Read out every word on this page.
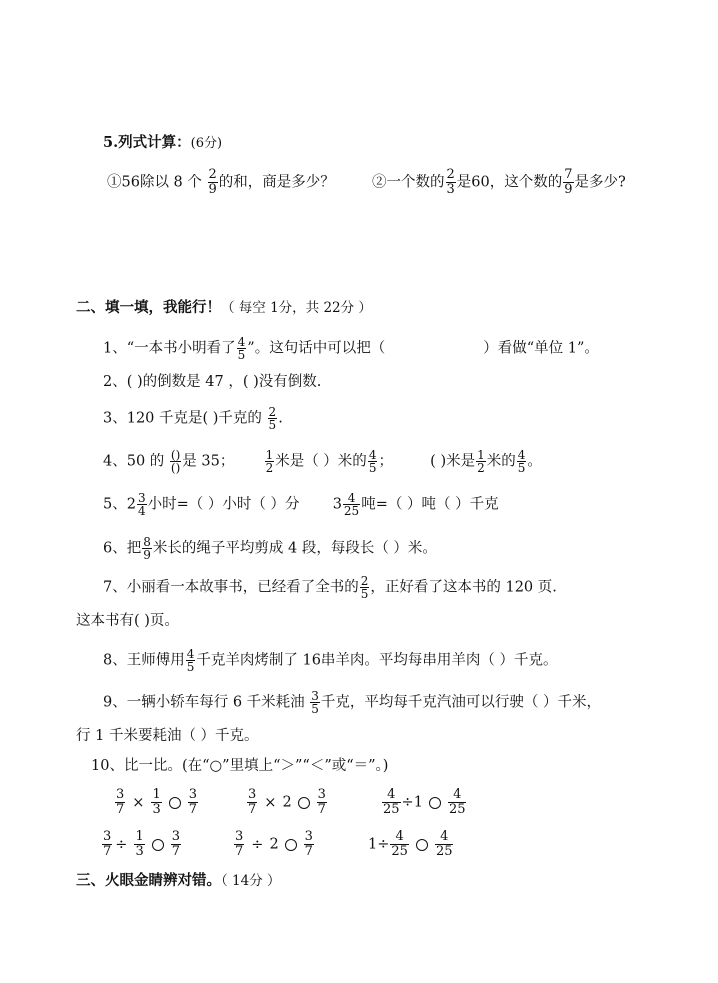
5.列式计算：(6分)
①56除以 8 个 $\frac{2}{9}$ 的和，商是多少？	②一个数的 $\frac{2}{3}$ 是60，这个数的 $\frac{7}{9}$ 是多少?
二、填一填，我能行！（ 每空 1分，共 22分 ）
1、“一本书小明看了 $\frac{4}{5}$ ”。这句话中可以把（	）看做“单位 1”。
2、( )的倒数是 47 ，( )没有倒数.
3、120 千克是( )千克的 $\frac{2}{5}$ .
4、50 的 $\frac{()}{()}$ 是 35；	$\frac{1}{2}$ 米是（ ）米的 $\frac{4}{5}$ ；	( )米是 $\frac{1}{2}$ 米的 $\frac{4}{5}$ 。
5、$2 \frac{3}{4}$ 小时=（ ）小时（ ）分 $3 \frac{4}{25}$ 吨=（ ）吨（ ）千克
6、把 $\frac{8}{9}$ 米长的绳子平均剪成 4 段，每段长（ ）米。
7、小丽看一本故事书，已经看了全书的 $\frac{2}{5}$ ，正好看了这本书的 120 页.
这本书有( )页。
8、王师傅用 $\frac{4}{5}$ 千克羊肉烤制了 16串羊肉。平均每串用羊肉（ ）千克。
9、一辆小轿车每行 6 千米耗油 $\frac{3}{5}$ 千克，平均每千克汽油可以行驶（ ）千米，
行 1 千米要耗油（ ）千克。
10、比一比。(在“○”里填上“＞”“＜”或“＝”。)
$\frac{3}{7} \times \frac{1}{3} \frac{3}{7}$	$\frac{3}{7} \times 2 \frac{3}{7}$	$\frac{4}{25} \div 1 \frac{4}{25}$
$\frac{3}{7} \div \frac{1}{3} \frac{3}{7}$	$\frac{3}{7} \div 2 \frac{3}{7}$	$1\div \frac{4}{25} \frac{4}{25}$
三、火眼金睛辨对错。（ 14分 ）
